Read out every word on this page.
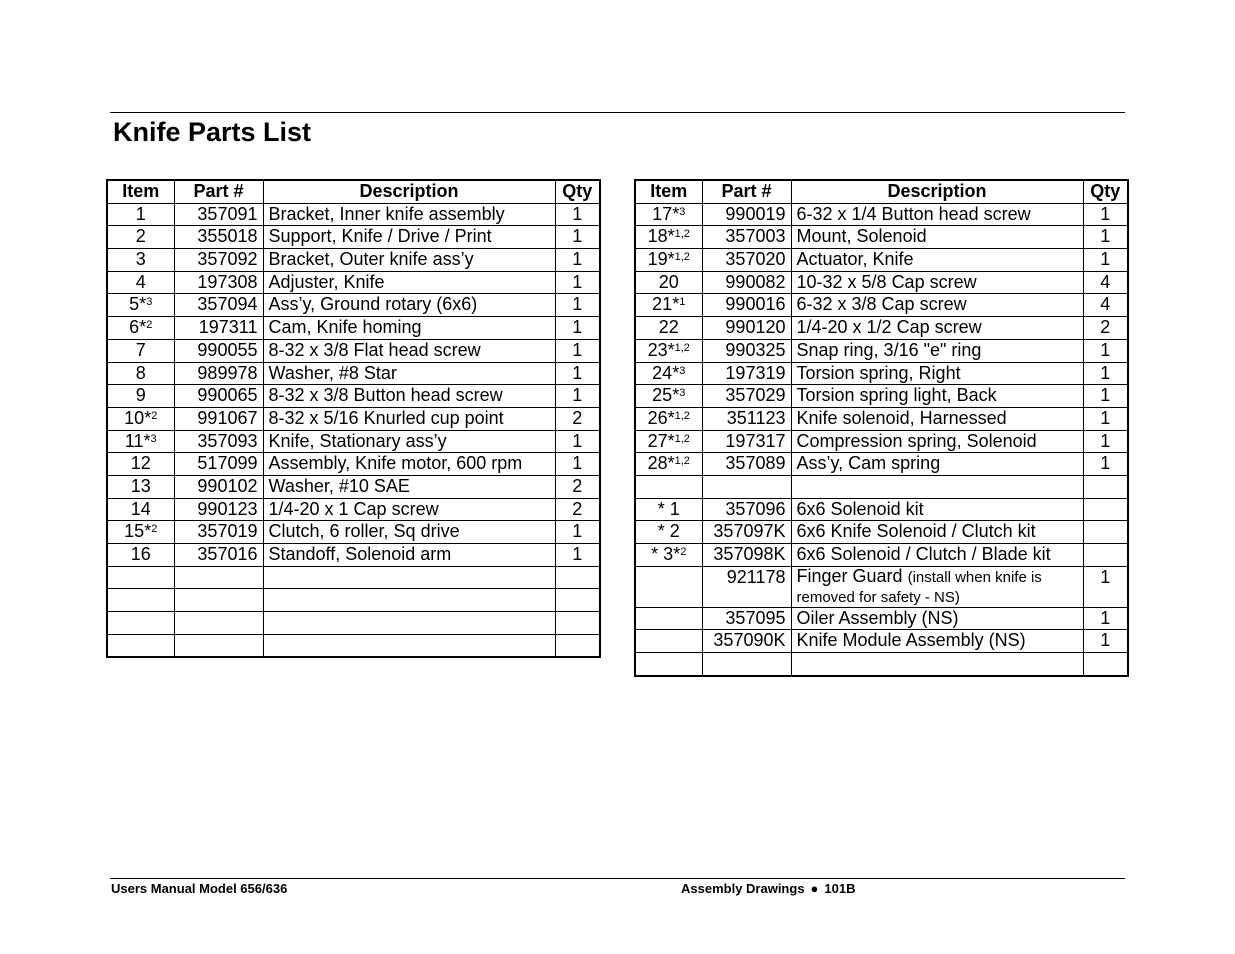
Knife Parts List
Item	Part #	Description	Qty
1	357091	Bracket, Inner knife assembly	1
2	355018	Support, Knife / Drive / Print	1
3	357092	Bracket, Outer knife ass’y	1
4	197308	Adjuster, Knife	1
5*$^3$	357094	Ass’y, Ground rotary (6x6)	1
6*$^2$	197311	Cam, Knife homing	1
7	990055	8-32 x 3/8 Flat head screw	1
8	989978	Washer, #8 Star	1
9	990065	8-32 x 3/8 Button head screw	1
10*$^2$	991067	8-32 x 5/16 Knurled cup point	2
11*$^3$	357093	Knife, Stationary ass’y	1
12	517099	Assembly, Knife motor, 600 rpm	1
13	990102	Washer, #10 SAE	2
14	990123	1/4-20 x 1 Cap screw	2
15*$^2$	357019	Clutch, 6 roller, Sq drive	1
16	357016	Standoff, Solenoid arm	1

Item	Part #	Description	Qty
17*$^3$	990019	6-32 x 1/4 Button head screw	1
18*$^{1,2}$	357003	Mount, Solenoid	1
19*$^{1,2}$	357020	Actuator, Knife	1
20	990082	10-32 x 5/8 Cap screw	4
21*$^1$	990016	6-32 x 3/8 Cap screw	4
22	990120	1/4-20 x 1/2 Cap screw	2
23*$^{1,2}$	990325	Snap ring, 3/16 "e" ring	1
24*$^3$	197319	Torsion spring, Right	1
25*$^3$	357029	Torsion spring light, Back	1
26*$^{1,2}$	351123	Knife solenoid, Harnessed	1
27*$^{1,2}$	197317	Compression spring, Solenoid	1
28*$^{1,2}$	357089	Ass’y, Cam spring	1

* 1	357096	6x6 Solenoid kit	
* 2	357097K	6x6 Knife Solenoid / Clutch kit	
* 3*$^2$	357098K	6x6 Solenoid / Clutch / Blade kit	
	921178	Finger Guard (install when knife is removed for safety - NS)	1
	357095	Oiler Assembly (NS)	1
	357090K	Knife Module Assembly (NS)	1

Users Manual Model 656/636	Assembly Drawings ● 101B
